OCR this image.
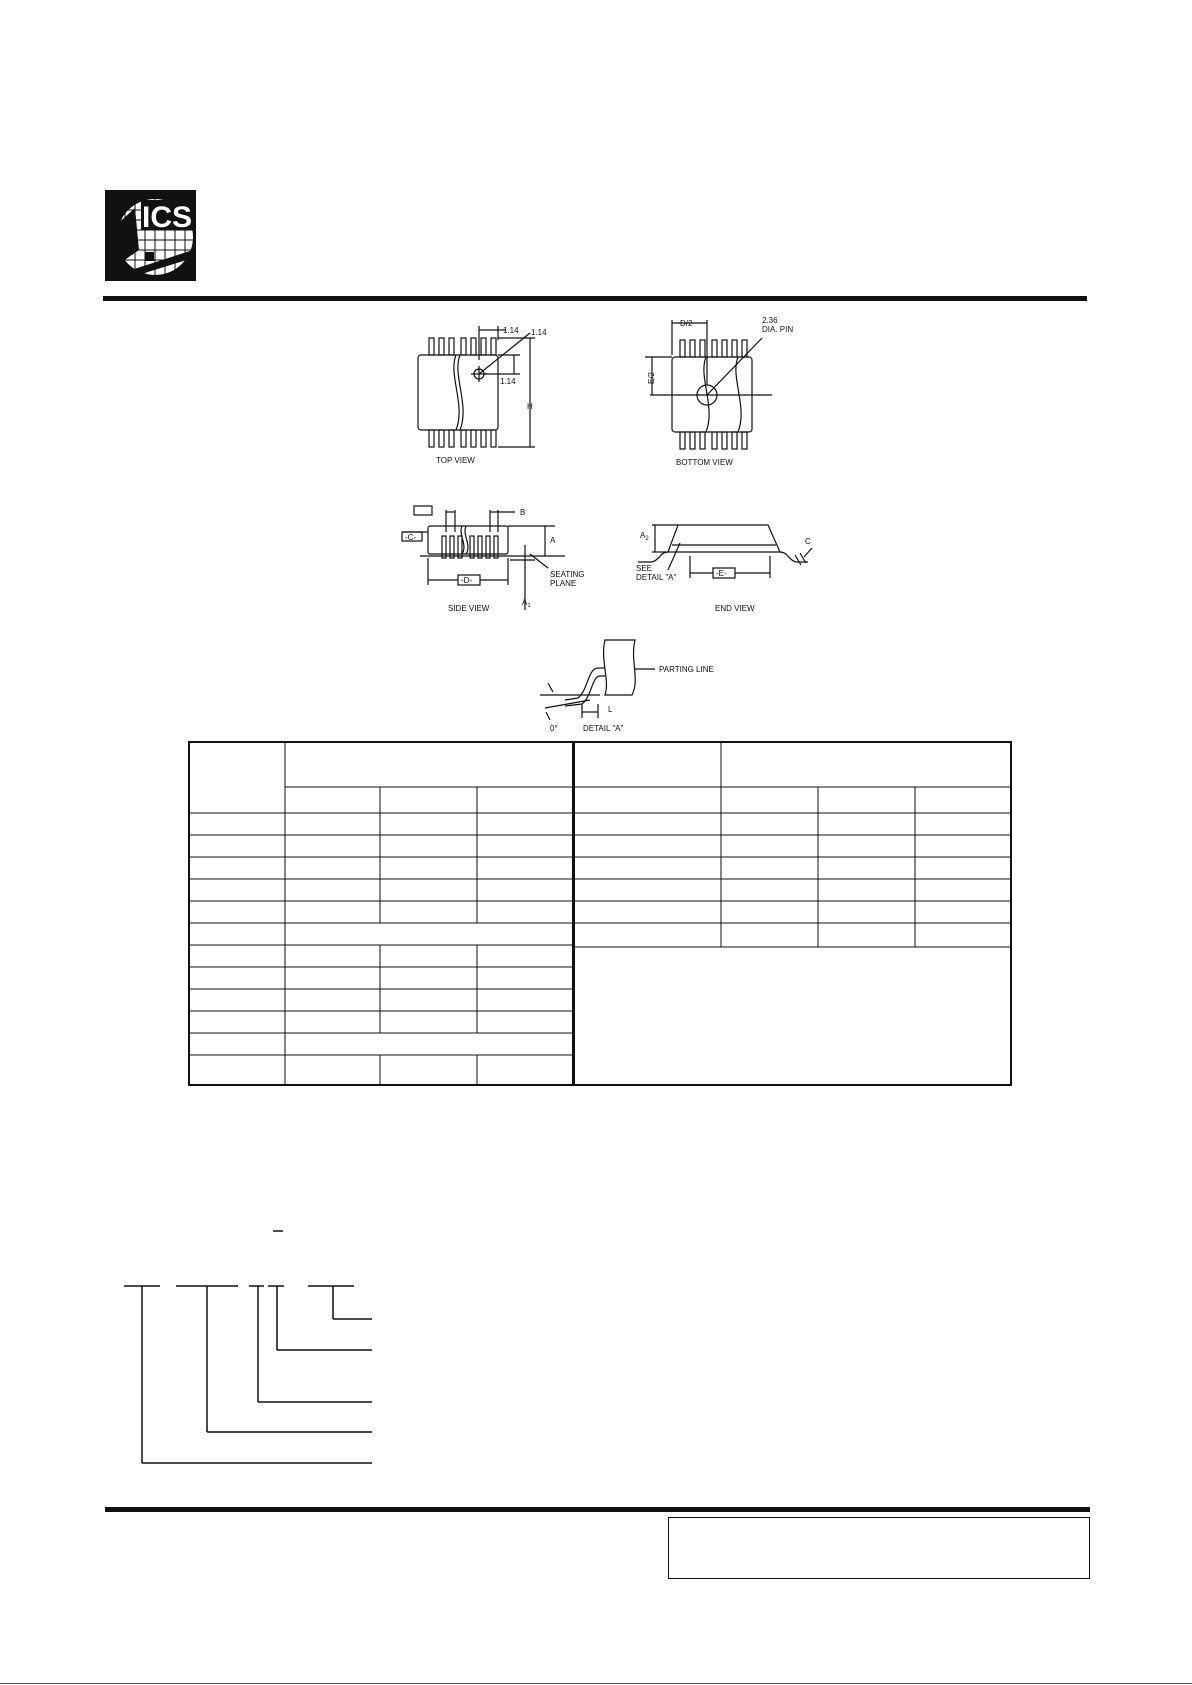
ICS
1.14 1.14
1.14
H
TOP VIEW
D/2	2.36
DIA. PIN
E/2
BOTTOM VIEW
B
A
-C-
-D-
SEATING
PLANE
$A_1$
SIDE VIEW
$A_2$	C
SEE
DETAIL "A"	-E-
END VIEW
PARTING LINE
L
0°	DETAIL "A"
